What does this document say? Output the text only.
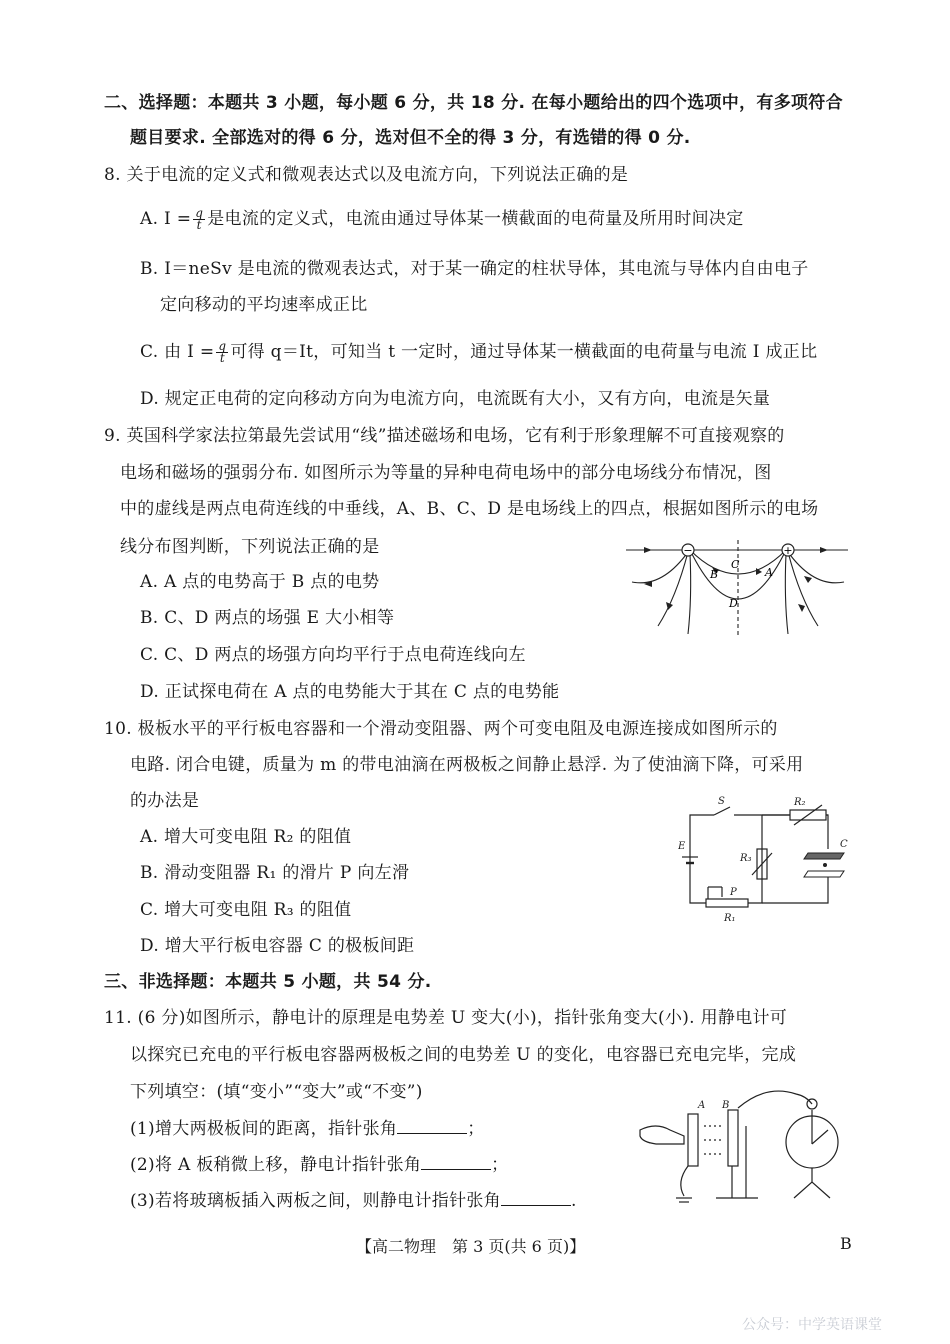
二、选择题：本题共 3 小题，每小题 6 分，共 18 分. 在每小题给出的四个选项中，有多项符合
题目要求. 全部选对的得 6 分，选对但不全的得 3 分，有选错的得 0 分.
8. 关于电流的定义式和微观表达式以及电流方向，下列说法正确的是
A. $I = \frac{q}{t}$ 是电流的定义式，电流由通过导体某一横截面的电荷量及所用时间决定
B. I＝neSv 是电流的微观表达式，对于某一确定的柱状导体，其电流与导体内自由电子
定向移动的平均速率成正比
C. 由 $I = \frac{q}{t}$ 可得 q＝It，可知当 t 一定时，通过导体某一横截面的电荷量与电流 I 成正比
D. 规定正电荷的定向移动方向为电流方向，电流既有大小，又有方向，电流是矢量
9. 英国科学家法拉第最先尝试用“线”描述磁场和电场，它有利于形象理解不可直接观察的
电场和磁场的强弱分布. 如图所示为等量的异种电荷电场中的部分电场线分布情况，图
中的虚线是两点电荷连线的中垂线，A、B、C、D 是电场线上的四点，根据如图所示的电场
线分布图判断，下列说法正确的是
A. A 点的电势高于 B 点的电势
B. C、D 两点的场强 E 大小相等
C. C、D 两点的场强方向均平行于点电荷连线向左
D. 正试探电荷在 A 点的电势能大于其在 C 点的电势能
−	+
A
B
C
D
10. 极板水平的平行板电容器和一个滑动变阻器、两个可变电阻及电源连接成如图所示的
电路. 闭合电键，质量为 m 的带电油滴在两极板之间静止悬浮. 为了使油滴下降，可采用
的办法是
A. 增大可变电阻 R₂ 的阻值
B. 滑动变阻器 R₁ 的滑片 P 向左滑
C. 增大可变电阻 R₃ 的阻值
D. 增大平行板电容器 C 的极板间距
S
E
R₂
R₃
R₁
P
C
三、非选择题：本题共 5 小题，共 54 分.
11. (6 分)如图所示，静电计的原理是电势差 U 变大(小)，指针张角变大(小). 用静电计可
以探究已充电的平行板电容器两极板之间的电势差 U 的变化，电容器已充电完毕，完成
下列填空：(填“变小”“变大”或“不变”)
(1)增大两极板间的距离，指针张角	；
(2)将 A 板稍微上移，静电计指针张角	；
(3)若将玻璃板插入两板之间，则静电计指针张角	.
A B
【高二物理　第 3 页(共 6 页)】	B
公众号：中学英语课堂
